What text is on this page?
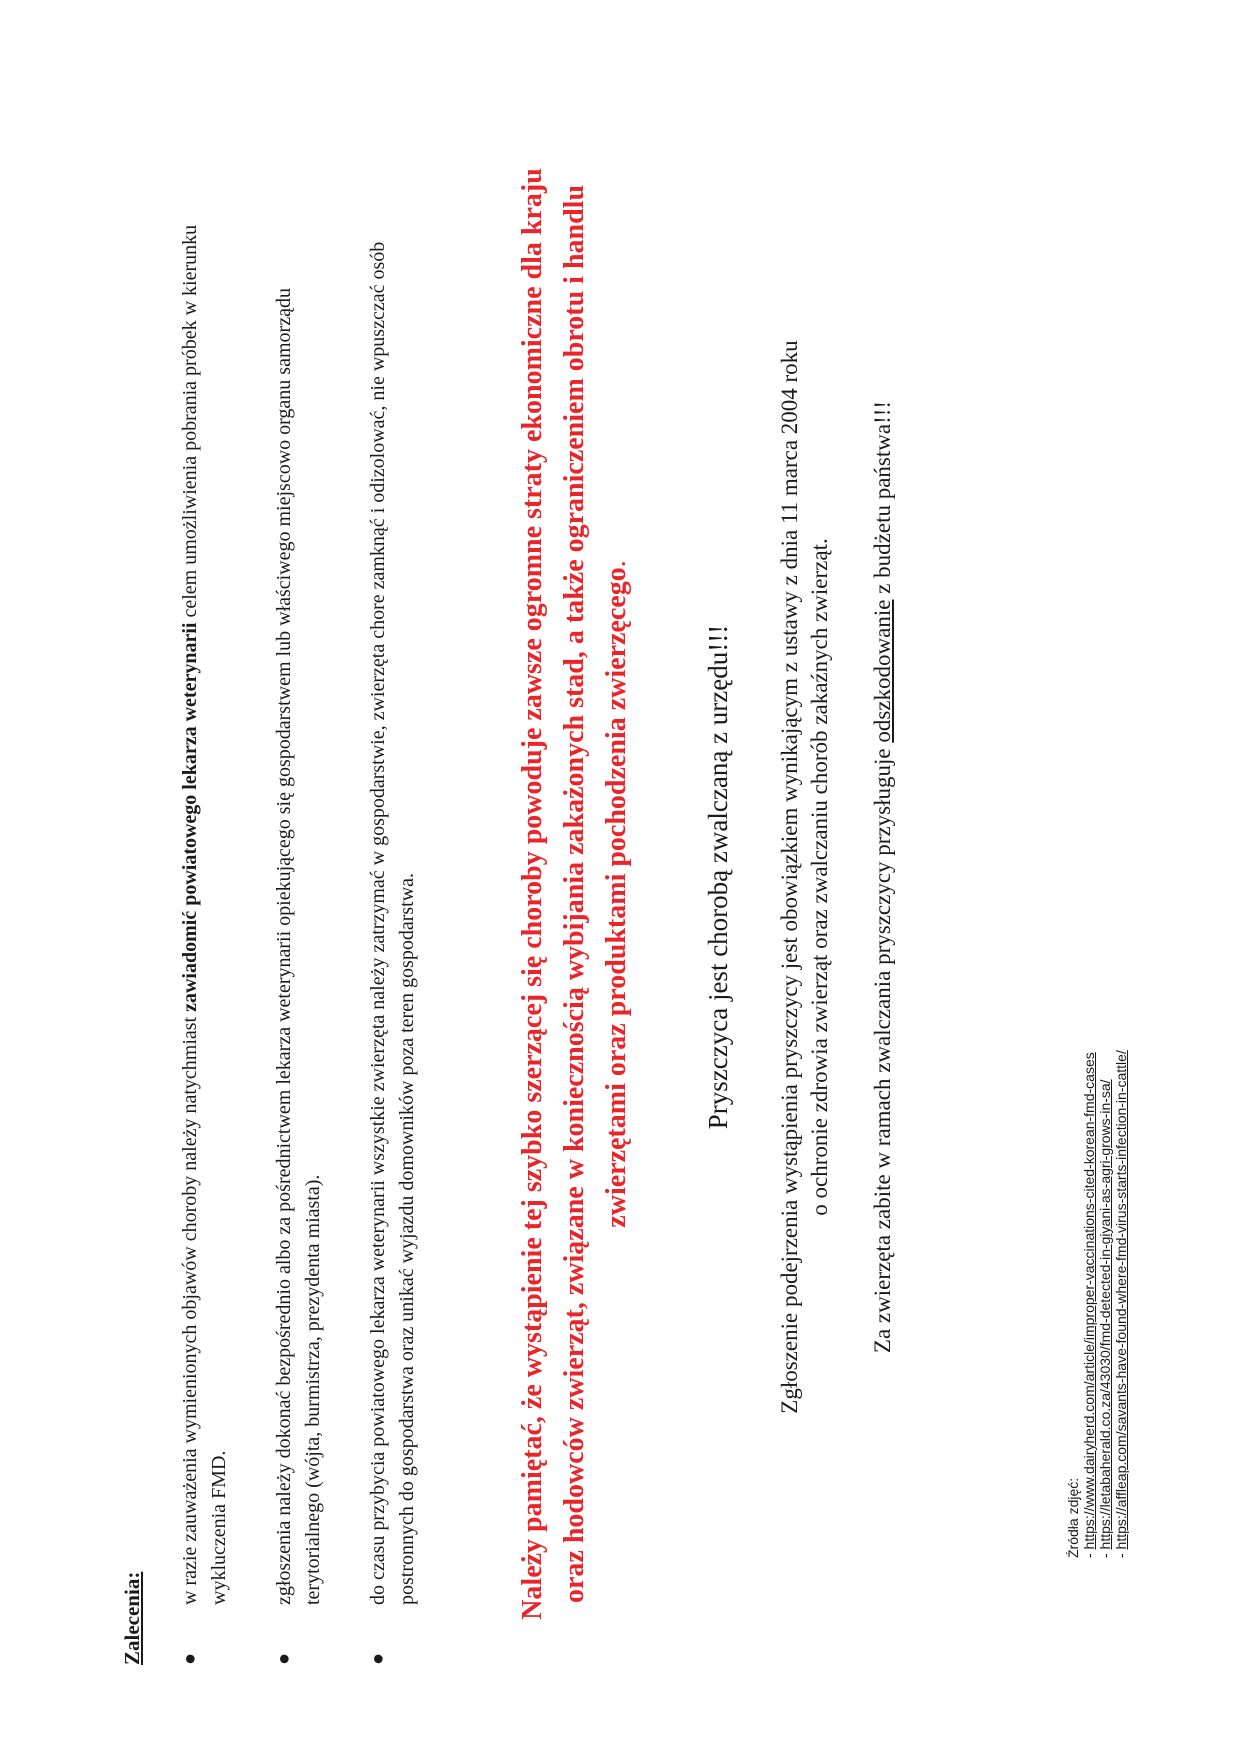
Zalecenia: ●
w razie zauważenia wymienionych objawów choroby należy natychmiast zawiadomić powiatowego lekarza weterynarii celem umożliwienia pobrania próbek w kierunku wykluczenia FMD.
●
zgłoszenia należy dokonać bezpośrednio albo za pośrednictwem lekarza weterynarii opiekującego się gospodarstwem lub właściwego miejscowo organu samorządu terytorialnego (wójta, burmistrza, prezydenta miasta).
●
do czasu przybycia powiatowego lekarza weterynarii wszystkie zwierzęta należy zatrzymać w gospodarstwie, zwierzęta chore zamknąć i odizolować, nie wpuszczać osób postronnych do gospodarstwa oraz unikać wyjazdu domowników poza teren gospodarstwa.	Należy pamiętać, że wystąpienie tej szybko szerzącej się choroby powoduje zawsze ogromne straty ekonomiczne dla kraju oraz hodowców zwierząt, związane w koniecznością wybijania zakażonych stad, a także ograniczeniem obrotu i handlu zwierzętami oraz produktami pochodzenia zwierzęcego.
Pryszczyca jest chorobą zwalczaną z urzędu!!! Zgłoszenie podejrzenia wystąpienia pryszczycy jest obowiązkiem wynikającym z ustawy z dnia 11 marca 2004 roku o ochronie zdrowia zwierząt oraz zwalczaniu chorób zakaźnych zwierząt. Za zwierzęta zabite w ramach zwalczania pryszczycy przysługuje odszkodowanie z budżetu państwa!!!
Źródła zdjęć: - https://www.dairyherd.com/article/improper-vaccinations-cited-korean-fmd-cases
- https://letabaherald.co.za/43030/fmd-detected-in-giyani-as-agri-grows-in-sa/
- https://affleap.com/savants-have-found-where-fmd-virus-starts-infection-in-cattle/
